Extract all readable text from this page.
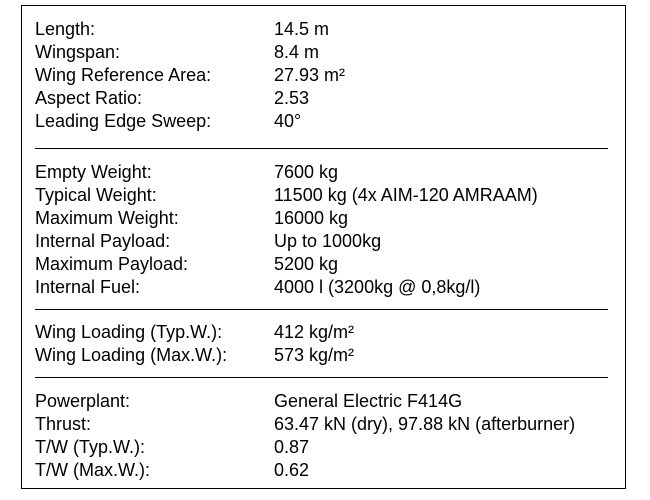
Length:	14.5 m
Wingspan:	8.4 m
Wing Reference Area:	27.93 m²
Aspect Ratio:	2.53
Leading Edge Sweep:	40°
Empty Weight:	7600 kg
Typical Weight:	11500 kg (4x AIM-120 AMRAAM)
Maximum Weight:	16000 kg
Internal Payload:	Up to 1000kg
Maximum Payload:	5200 kg
Internal Fuel:	4000 l (3200kg @ 0,8kg/l)
Wing Loading (Typ.W.):	412 kg/m²
Wing Loading (Max.W.):	573 kg/m²
Powerplant:	General Electric F414G
Thrust:	63.47 kN (dry), 97.88 kN (afterburner)
T/W (Typ.W.):	0.87
T/W (Max.W.):	0.62
